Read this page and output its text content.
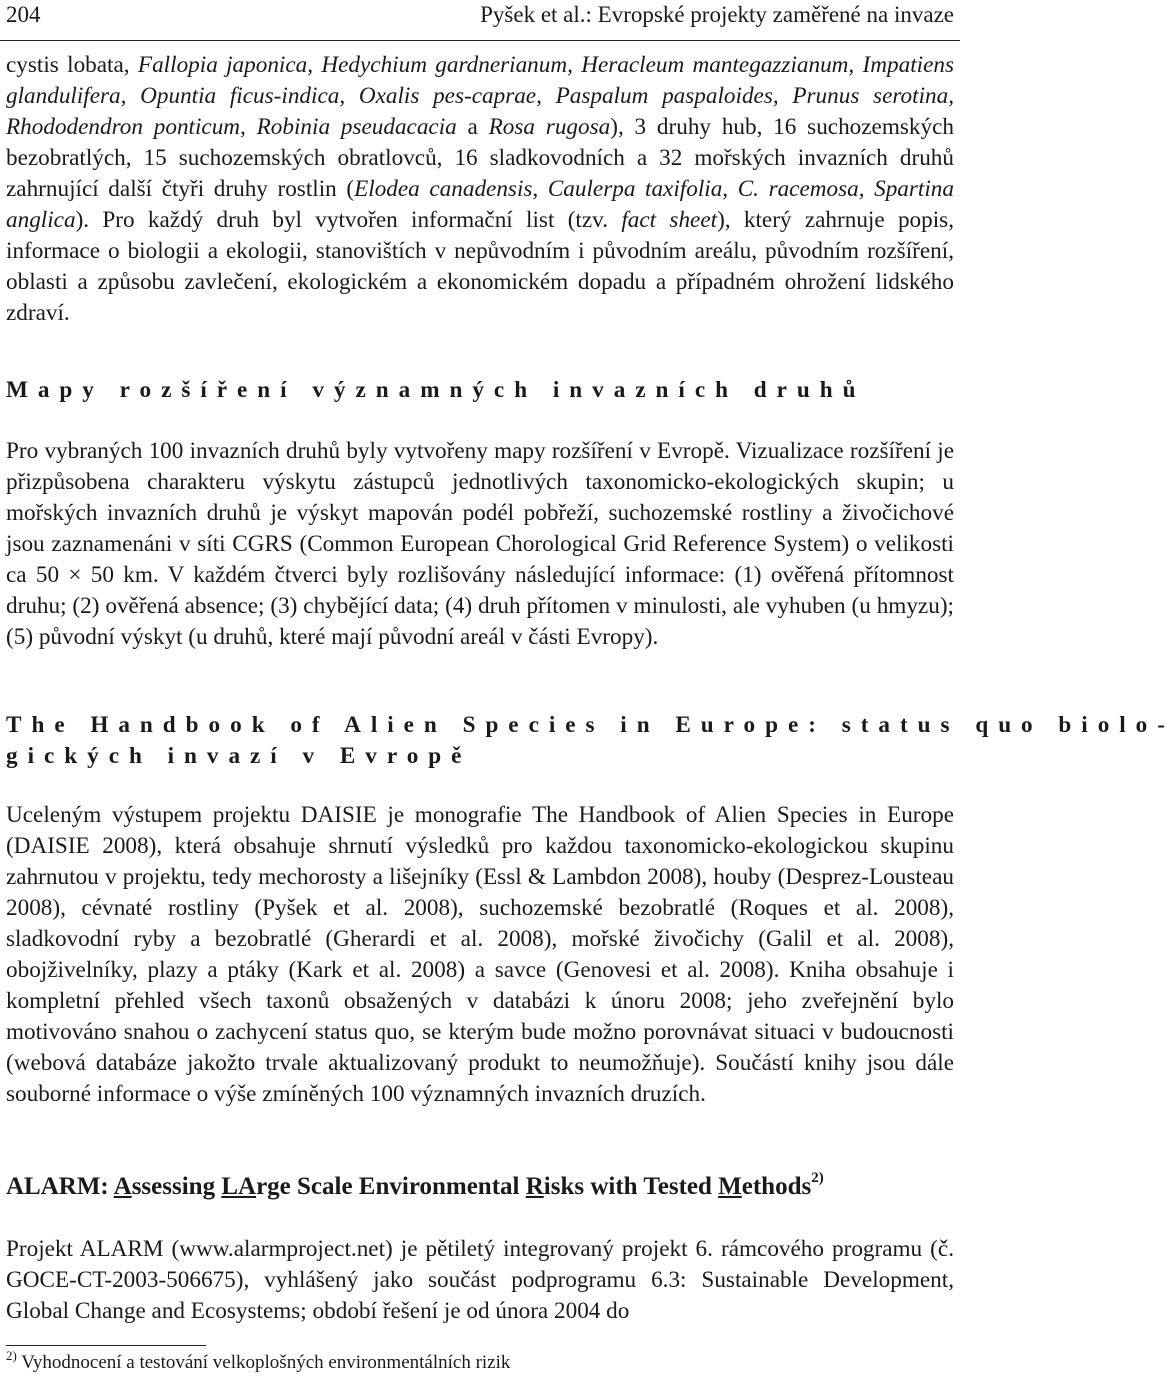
204	Pyšek et al.: Evropské projekty zaměřené na invaze

cystis lobata, Fallopia japonica, Hedychium gardnerianum, Heracleum mantegazzianum, Impatiens glandulifera, Opuntia ficus-indica, Oxalis pes-caprae, Paspalum paspaloides, Prunus serotina, Rhododendron ponticum, Robinia pseudacacia a Rosa rugosa), 3 druhy hub, 16 suchozemských bezobratlých, 15 suchozemských obratlovců, 16 sladkovodních a 32 mořských invazních druhů zahrnující další čtyři druhy rostlin (Elodea canadensis, Caulerpa taxifolia, C. racemosa, Spartina anglica). Pro každý druh byl vytvořen informační list (tzv. fact sheet), který zahrnuje popis, informace o biologii a ekologii, stanovištích v nepůvodním i původním areálu, původním rozšíření, oblasti a způsobu zavlečení, ekologickém a ekonomickém dopadu a případném ohrožení lidského zdraví.

Mapy rozšíření významných invazních druhů

Pro vybraných 100 invazních druhů byly vytvořeny mapy rozšíření v Evropě. Vizualizace rozšíření je přizpůsobena charakteru výskytu zástupců jednotlivých taxonomicko-ekologických skupin; u mořských invazních druhů je výskyt mapován podél pobřeží, suchozemské rostliny a živočichové jsou zaznamenáni v síti CGRS (Common European Chorological Grid Reference System) o velikosti ca 50 × 50 km. V každém čtverci byly rozlišovány následující informace: (1) ověřená přítomnost druhu; (2) ověřená absence; (3) chybějící data; (4) druh přítomen v minulosti, ale vyhuben (u hmyzu); (5) původní výskyt (u druhů, které mají původní areál v části Evropy).

The Handbook of Alien Species in Europe: status quo biolo-
gických invazí v Evropě

Uceleným výstupem projektu DAISIE je monografie The Handbook of Alien Species in Europe (DAISIE 2008), která obsahuje shrnutí výsledků pro každou taxonomicko-ekologickou skupinu zahrnutou v projektu, tedy mechorosty a lišejníky (Essl & Lambdon 2008), houby (Desprez-Lousteau 2008), cévnaté rostliny (Pyšek et al. 2008), suchozemské bezobratlé (Roques et al. 2008), sladkovodní ryby a bezobratlé (Gherardi et al. 2008), mořské živočichy (Galil et al. 2008), obojživelníky, plazy a ptáky (Kark et al. 2008) a savce (Genovesi et al. 2008). Kniha obsahuje i kompletní přehled všech taxonů obsažených v databázi k únoru 2008; jeho zveřejnění bylo motivováno snahou o zachycení status quo, se kterým bude možno porovnávat situaci v budoucnosti (webová databáze jakožto trvale aktualizovaný produkt to neumožňuje). Součástí knihy jsou dále souborné informace o výše zmíněných 100 významných invazních druzích.

ALARM: Assessing LArge Scale Environmental Risks with Tested Methods$^{2)}$

Projekt ALARM (www.alarmproject.net) je pětiletý integrovaný projekt 6. rámcového programu (č. GOCE-CT-2003-506675), vyhlášený jako součást podprogramu 6.3: Sustainable Development, Global Change and Ecosystems; období řešení je od února 2004 do

$^{2)}$ Vyhodnocení a testování velkoplošných environmentálních rizik
